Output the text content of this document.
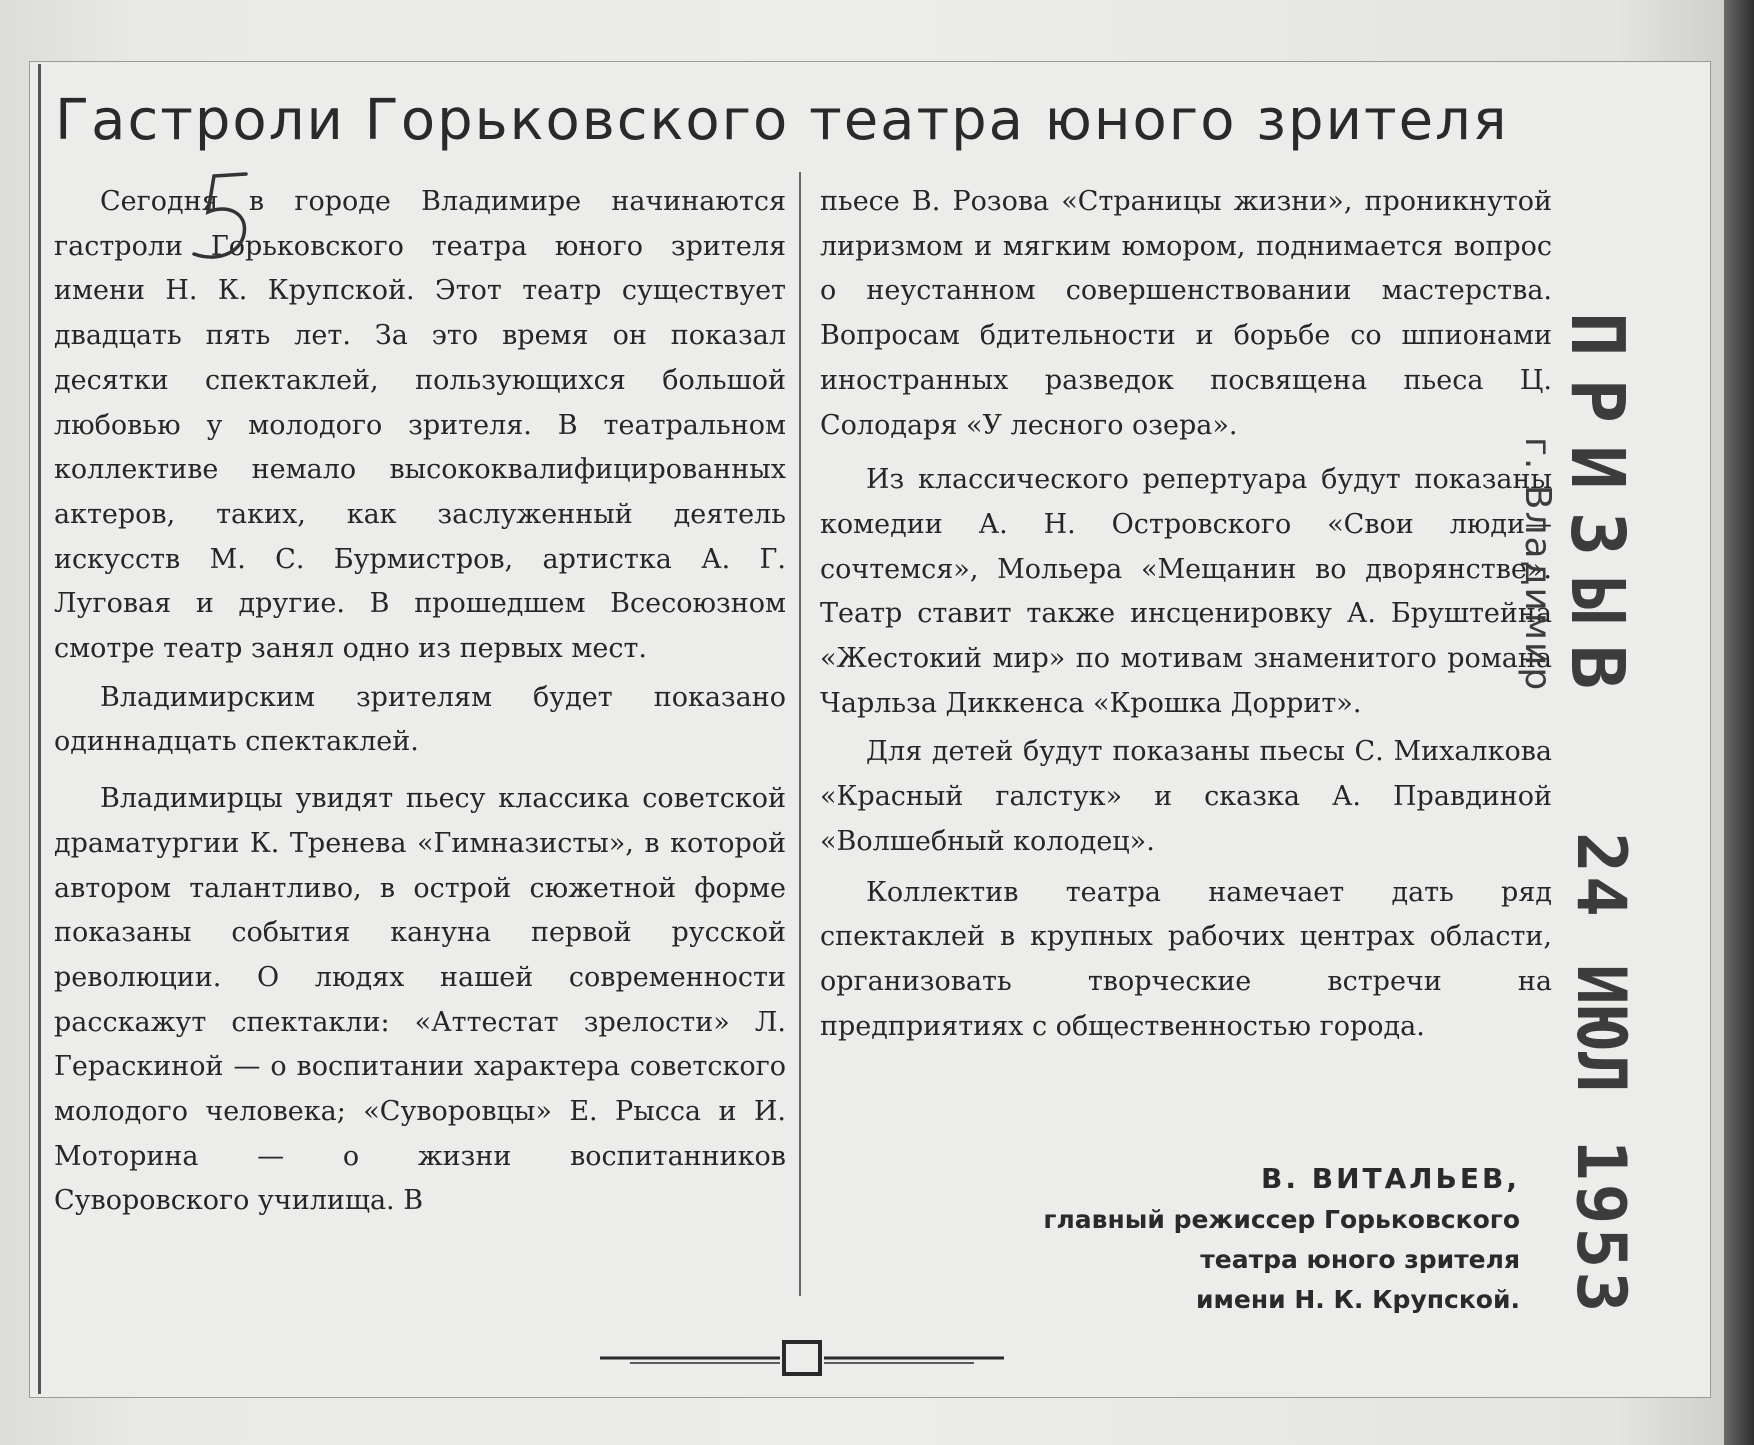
Гастроли Горьковского театра юного зрителя

Сегодня в городе Владимире начинаются гастроли Горьковского театра юного зрителя имени Н. К. Крупской. Этот театр существует двадцать пять лет. За это время он показал десятки спектаклей, пользующихся большой любовью у молодого зрителя. В театральном коллективе немало высококвалифицированных актеров, таких, как заслуженный деятель искусств М. С. Бурмистров, артистка А. Г. Луговая и другие. В прошедшем Всесоюзном смотре театр занял одно из первых мест.

Владимирским зрителям будет показано одиннадцать спектаклей.

Владимирцы увидят пьесу классика советской драматургии К. Тренева «Гимназисты», в которой автором талантливо, в острой сюжетной форме показаны события кануна первой русской революции. О людях нашей современности расскажут спектакли: «Аттестат зрелости» Л. Гераскиной — о воспитании характера советского молодого человека; «Суворовцы» Е. Рысса и И. Моторина — о жизни воспитанников Суворовского училища. В

пьесе В. Розова «Страницы жизни», проникнутой лиризмом и мягким юмором, поднимается вопрос о неустанном совершенствовании мастерства. Вопросам бдительности и борьбе со шпионами иностранных разведок посвящена пьеса Ц. Солодаря «У лесного озера».

Из классического репертуара будут показаны комедии А. Н. Островского «Свои люди—сочтемся», Мольера «Мещанин во дворянстве». Театр ставит также инсценировку А. Бруштейна «Жестокий мир» по мотивам знаменитого романа Чарльза Диккенса «Крошка Доррит».

Для детей будут показаны пьесы С. Михалкова «Красный галстук» и сказка А. Правдиной «Волшебный колодец».

Коллектив театра намечает дать ряд спектаклей в крупных рабочих центрах области, организовать творческие встречи на предприятиях с общественностью города.

В. ВИТАЛЬЕВ,
главный режиссер Горьковского
театра юного зрителя
имени Н. К. Крупской.
ПРИЗЫВ
г. Владимир
24 ИЮЛ 1953
